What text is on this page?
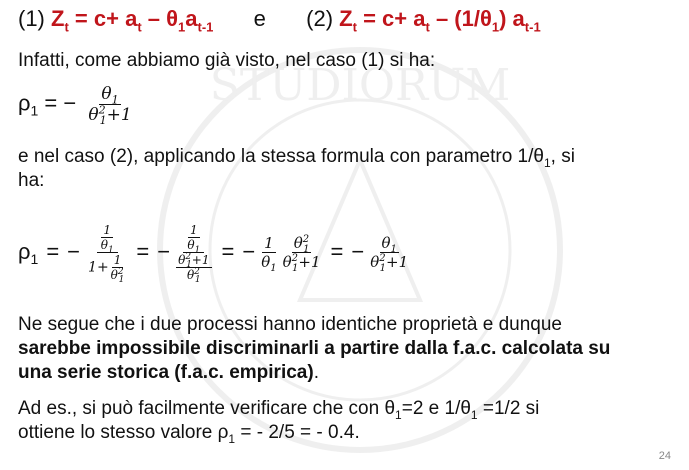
STUDIORUM
(1) $Z_t = c+ a_t - \theta_1a_{t-1}$ e (2) $Z_t = c+ a_t - (1/\theta_1)$ $a_{t-1}$
Infatti, come abbiamo già visto, nel caso (1) si ha:
$\rho_1$ = − $\frac{\theta_1}{\theta^2_1+1}$
e nel caso (2), applicando la stessa formula con parametro $1/\theta_1$, si
ha:
ρ 1 = − $\frac{\frac{1}{\theta_1}}{1+ \frac{1}{\theta^2_1}}$ = − $\frac{\frac{1}{\theta_1}}{\frac{\theta^2_1+1}{\theta^2_1}}$ = − $\frac{1}{\theta_1} \frac{\theta^2_1}{\theta^2_1+1}$ = − $\frac{\theta_1}{\theta^2_1+1}$
Ne segue che i due processi hanno identiche proprietà e dunque
sarebbe impossibile discriminarli a partire dalla f.a.c. calcolata su
una serie storica (f.a.c. empirica).
Ad es., si può facilmente verificare che con $\theta_1=2$ e $1/\theta_1 =1/2$ si
ottiene lo stesso valore $\rho_1$ = - 2/5 = - 0.4.
24
